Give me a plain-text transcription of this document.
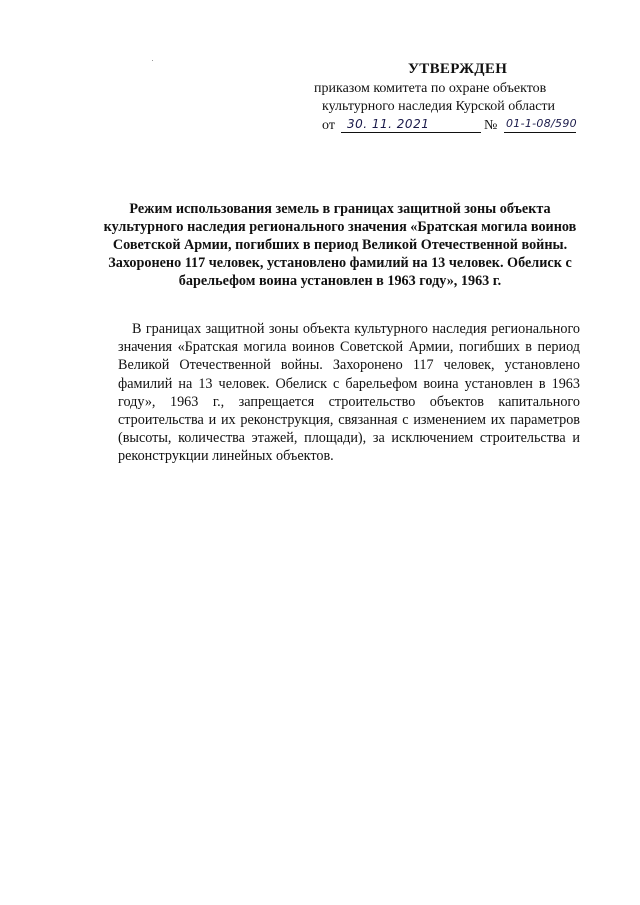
УТВЕРЖДЕН
приказом комитета по охране объектов
культурного наследия Курской области
от	30. 11. 2021	№ 01-1-08/590
Режим использования земель в границах защитной зоны объекта культурного наследия регионального значения «Братская могила воинов Советской Армии, погибших в период Великой Отечественной войны. Захоронено 117 человек, установлено фамилий на 13 человек. Обелиск с барельефом воина установлен в 1963 году», 1963 г.
В границах защитной зоны объекта культурного наследия регионального значения «Братская могила воинов Советской Армии, погибших в период Великой Отечественной войны. Захоронено 117 человек, установлено фамилий на 13 человек. Обелиск с барельефом воина установлен в 1963 году», 1963 г., запрещается строительство объектов капитального строительства и их реконструкция, связанная с изменением их параметров (высоты, количества этажей, площади), за исключением строительства и реконструкции линейных объектов.
